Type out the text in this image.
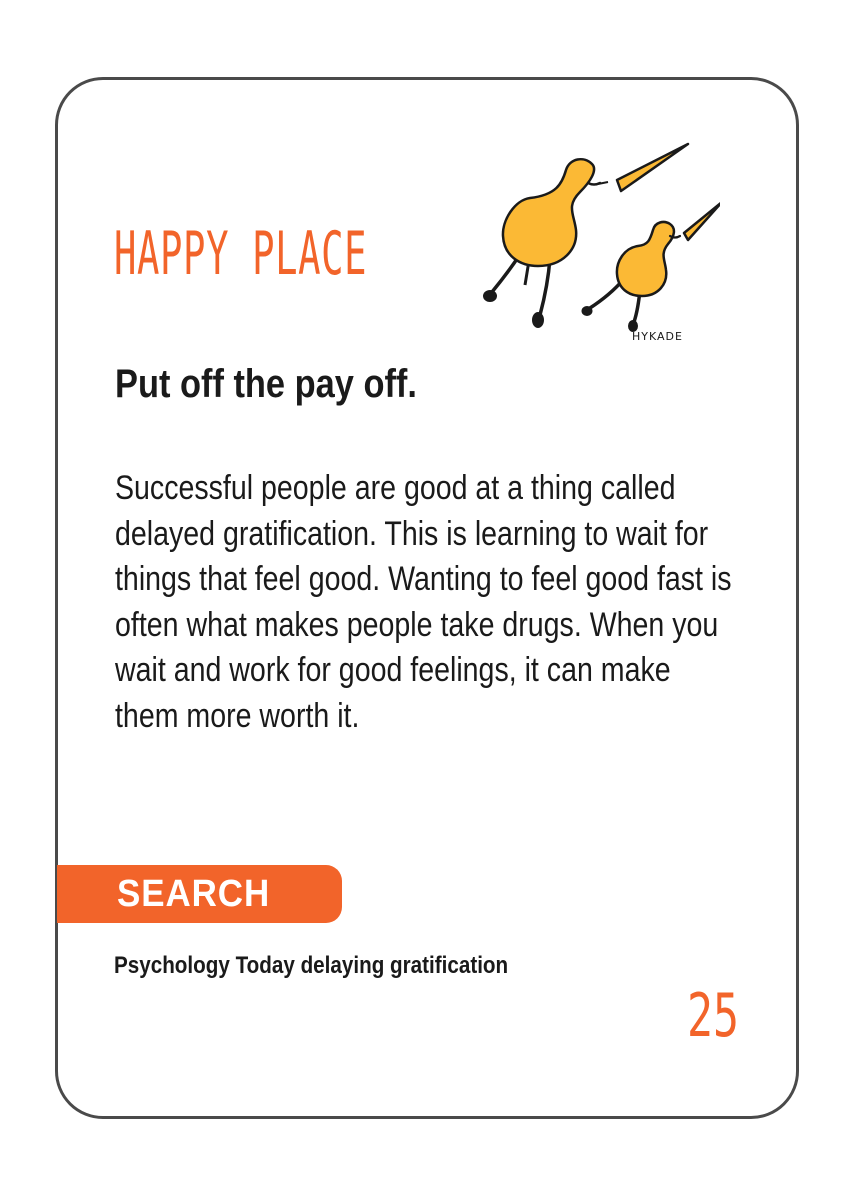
HAPPY PLACE
HYKADE
Put off the pay off.

Successful people are good at a thing called delayed gratification. This is learning to wait for things that feel good. Wanting to feel good fast is often what makes people take drugs. When you wait and work for good feelings, it can make them more worth it.

SEARCH

Psychology Today delaying gratification

25
